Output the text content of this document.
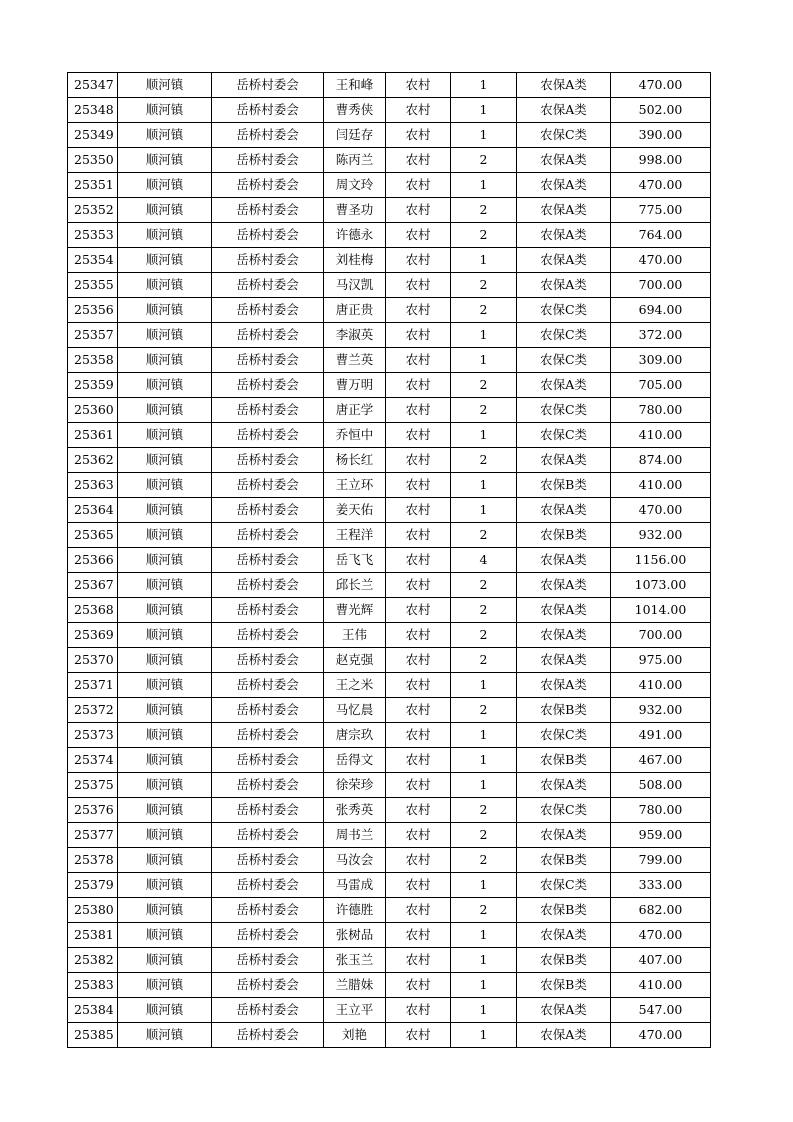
25347	顺河镇	岳桥村委会	王和峰	农村	1	农保A类	470.00
25348	顺河镇	岳桥村委会	曹秀侠	农村	1	农保A类	502.00
25349	顺河镇	岳桥村委会	闫廷存	农村	1	农保C类	390.00
25350	顺河镇	岳桥村委会	陈丙兰	农村	2	农保A类	998.00
25351	顺河镇	岳桥村委会	周文玲	农村	1	农保A类	470.00
25352	顺河镇	岳桥村委会	曹圣功	农村	2	农保A类	775.00
25353	顺河镇	岳桥村委会	许德永	农村	2	农保A类	764.00
25354	顺河镇	岳桥村委会	刘桂梅	农村	1	农保A类	470.00
25355	顺河镇	岳桥村委会	马汉凯	农村	2	农保A类	700.00
25356	顺河镇	岳桥村委会	唐正贵	农村	2	农保C类	694.00
25357	顺河镇	岳桥村委会	李淑英	农村	1	农保C类	372.00
25358	顺河镇	岳桥村委会	曹兰英	农村	1	农保C类	309.00
25359	顺河镇	岳桥村委会	曹万明	农村	2	农保A类	705.00
25360	顺河镇	岳桥村委会	唐正学	农村	2	农保C类	780.00
25361	顺河镇	岳桥村委会	乔恒中	农村	1	农保C类	410.00
25362	顺河镇	岳桥村委会	杨长红	农村	2	农保A类	874.00
25363	顺河镇	岳桥村委会	王立环	农村	1	农保B类	410.00
25364	顺河镇	岳桥村委会	姜天佑	农村	1	农保A类	470.00
25365	顺河镇	岳桥村委会	王程洋	农村	2	农保B类	932.00
25366	顺河镇	岳桥村委会	岳飞飞	农村	4	农保A类	1156.00
25367	顺河镇	岳桥村委会	邱长兰	农村	2	农保A类	1073.00
25368	顺河镇	岳桥村委会	曹光辉	农村	2	农保A类	1014.00
25369	顺河镇	岳桥村委会	王伟	农村	2	农保A类	700.00
25370	顺河镇	岳桥村委会	赵克强	农村	2	农保A类	975.00
25371	顺河镇	岳桥村委会	王之米	农村	1	农保A类	410.00
25372	顺河镇	岳桥村委会	马忆晨	农村	2	农保B类	932.00
25373	顺河镇	岳桥村委会	唐宗玖	农村	1	农保C类	491.00
25374	顺河镇	岳桥村委会	岳得文	农村	1	农保B类	467.00
25375	顺河镇	岳桥村委会	徐荣珍	农村	1	农保A类	508.00
25376	顺河镇	岳桥村委会	张秀英	农村	2	农保C类	780.00
25377	顺河镇	岳桥村委会	周书兰	农村	2	农保A类	959.00
25378	顺河镇	岳桥村委会	马汝会	农村	2	农保B类	799.00
25379	顺河镇	岳桥村委会	马雷成	农村	1	农保C类	333.00
25380	顺河镇	岳桥村委会	许德胜	农村	2	农保B类	682.00
25381	顺河镇	岳桥村委会	张树品	农村	1	农保A类	470.00
25382	顺河镇	岳桥村委会	张玉兰	农村	1	农保B类	407.00
25383	顺河镇	岳桥村委会	兰腊妹	农村	1	农保B类	410.00
25384	顺河镇	岳桥村委会	王立平	农村	1	农保A类	547.00
25385	顺河镇	岳桥村委会	刘艳	农村	1	农保A类	470.00
